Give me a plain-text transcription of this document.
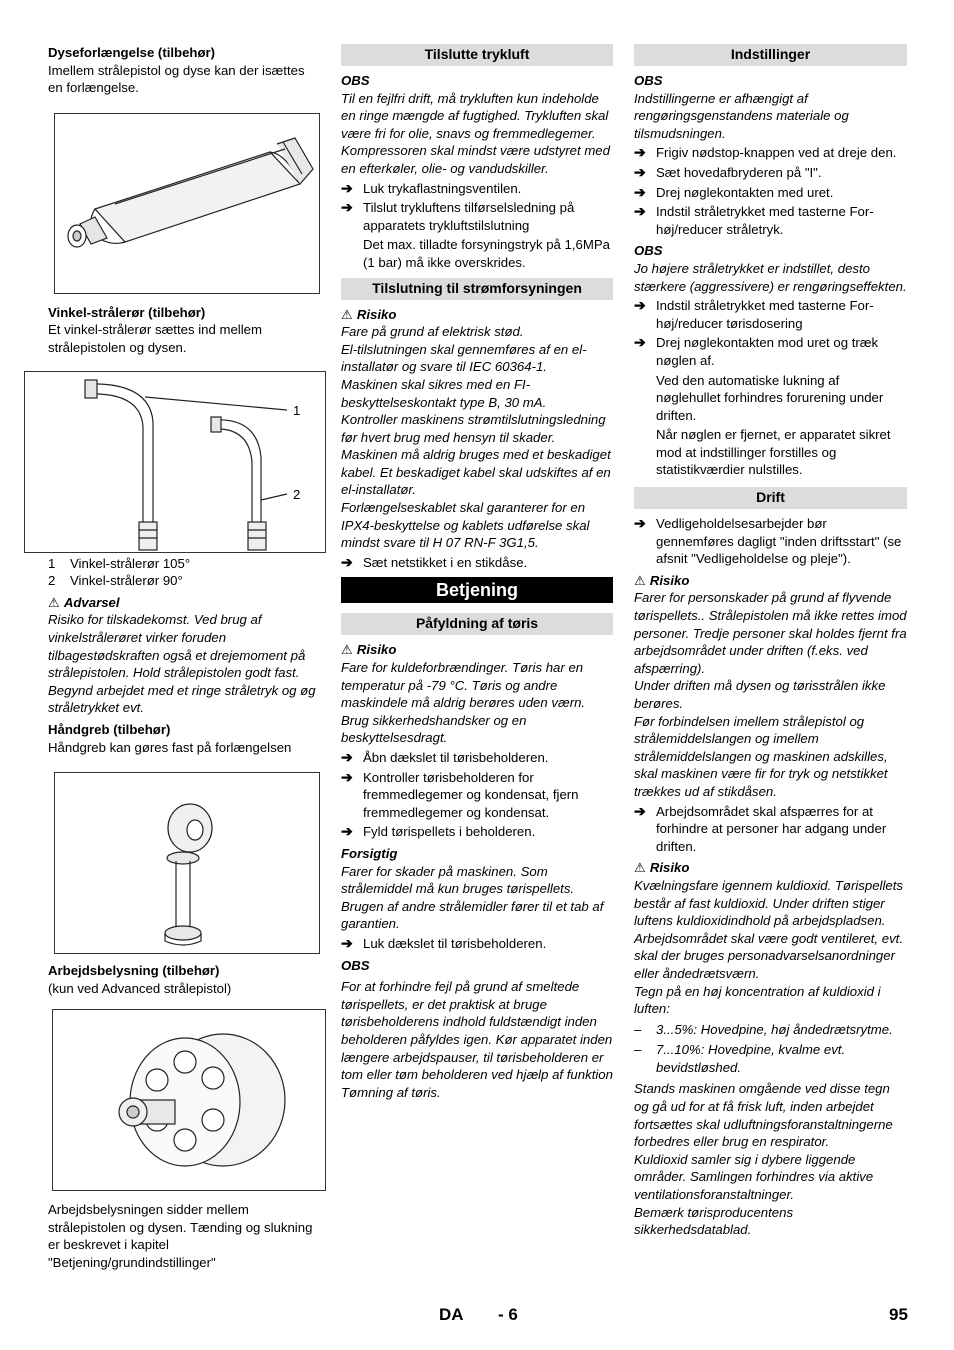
Dyseforlængelse (tilbehør)

Imellem strålepistol og dyse kan der isættes en forlængelse.

Vinkel-strålerør (tilbehør)

Et vinkel-strålerør sættes ind mellem strålepistolen og dysen.

1
2
1	Vinkel-strålerør 105°
2	Vinkel-strålerør 90°

⚠ Advarsel

Risiko for tilskadekomst. Ved brug af vinkelstrålerøret virker foruden tilbagestødskraften også et drejemoment på strålepistolen. Hold strålepistolen godt fast. Begynd arbejdet med et ringe stråletryk og øg stråletrykket evt.

Håndgreb (tilbehør)

Håndgreb kan gøres fast på forlængelsen

Arbejdsbelysning (tilbehør)

(kun ved Advanced strålepistol)

Arbejdsbelysningen sidder mellem strålepistolen og dysen. Tænding og slukning er beskrevet i kapitel "Betjening/grundindstillinger"

Tilslutte trykluft

OBS

Til en fejlfri drift, må trykluften kun indeholde en ringe mængde af fugtighed. Trykluften skal være fri for olie, snavs og fremmedlegemer.

Kompressoren skal mindst være udstyret med en efterkøler, olie- og vandudskiller.

➔ Luk trykaflastningsventilen.
➔ Tilslut trykluftens tilførselsledning på apparatets trykluftstilslutning

Det max. tilladte forsyningstryk på 1,6MPa (1 bar) må ikke overskrides.

Tilslutning til strømforsyningen

⚠ Risiko

Fare på grund af elektrisk stød.

El-tilslutningen skal gennemføres af en el-installatør og svare til IEC 60364-1.

Maskinen skal sikres med en FI-beskyttelseskontakt type B, 30 mA.

Kontroller maskinens strømtilslutningsledning før hvert brug med hensyn til skader. Maskinen må aldrig bruges med et beskadiget kabel. Et beskadiget kabel skal udskiftes af en el-installatør.

Forlængelseskablet skal garanterer for en IPX4-beskyttelse og kablets udførelse skal mindst svare til H 07 RN-F 3G1,5.

➔ Sæt netstikket i en stikdåse.
Betjening
Påfyldning af tøris

⚠ Risiko

Fare for kuldeforbrændinger. Tøris har en temperatur på -79 °C. Tøris og andre maskindele må aldrig berøres uden værn. Brug sikkerhedshandsker og en beskyttelsesdragt.

➔ Åbn dækslet til tørisbeholderen.
➔ Kontroller tørisbeholderen for fremmedlegemer og kondensat, fjern fremmedlegemer og kondensat.
➔ Fyld tørispellets i beholderen.

Forsigtig

Farer for skader på maskinen. Som strålemiddel må kun bruges tørispellets. Brugen af andre strålemidler fører til et tab af garantien.

➔ Luk dækslet til tørisbeholderen.

OBS

For at forhindre fejl på grund af smeltede tørispellets, er det praktisk at bruge tørisbeholderens indhold fuldstændigt inden beholderen påfyldes igen. Kør apparatet inden længere arbejdspauser, til tørisbeholderen er tom eller tøm beholderen ved hjælp af funktion Tømning af tøris.

Indstillinger

OBS

Indstillingerne er afhængigt af rengøringsgenstandens materiale og tilsmudsningen.

➔ Frigiv nødstop-knappen ved at dreje den.
➔ Sæt hovedafbryderen på "I".
➔ Drej nøglekontakten med uret.
➔ Indstil stråletrykket med tasterne For-høj/reducer stråletryk.

OBS

Jo højere stråletrykket er indstillet, desto stærkere (aggressivere) er rengøringseffekten.

➔ Indstil stråletrykket med tasterne For-høj/reducer tørisdosering
➔ Drej nøglekontakten mod uret og træk nøglen af.

Ved den automatiske lukning af nøglehullet forhindres forurening under driften.

Når nøglen er fjernet, er apparatet sikret mod at indstillinger forstilles og statistikværdier nulstilles.

Drift
➔ Vedligeholdelsesarbejder bør gennemføres dagligt "inden driftsstart" (se afsnit "Vedligeholdelse og pleje").

⚠ Risiko

Farer for personskader på grund af flyvende tørispellets.. Strålepistolen må ikke rettes imod personer. Tredje personer skal holdes fjernt fra arbejdsområdet under driften (f.eks. ved afspærring).

Under driften må dysen og tørisstrålen ikke berøres.

Før forbindelsen imellem strålepistol og strålemiddelslangen og imellem strålemiddelslangen og maskinen adskilles, skal maskinen være fir for tryk og netstikket trækkes ud af stikdåsen.

➔ Arbejdsområdet skal afspærres for at forhindre at personer har adgang under driften.

⚠ Risiko

Kvælningsfare igennem kuldioxid. Tørispellets består af fast kuldioxid. Under driften stiger luftens kuldioxidindhold på arbejdspladsen. Arbejdsområdet skal være godt ventileret, evt. skal der bruges personadvarselsanordninger eller åndedrætsværn.

Tegn på en høj koncentration af kuldioxid i luften:

–	3...5%: Hovedpine, høj åndedrætsrytme.
–	7...10%: Hovedpine, kvalme evt. bevidstløshed.

Stands maskinen omgående ved disse tegn og gå ud for at få frisk luft, inden arbejdet fortsættes skal udluftningsforanstaltningerne forbedres eller brug en respirator.

Kuldioxid samler sig i dybere liggende områder. Samlingen forhindres via aktive ventilationsforanstaltninger.

Bemærk tørisproducentens sikkerhedsdatablad.

DA - 6	95
